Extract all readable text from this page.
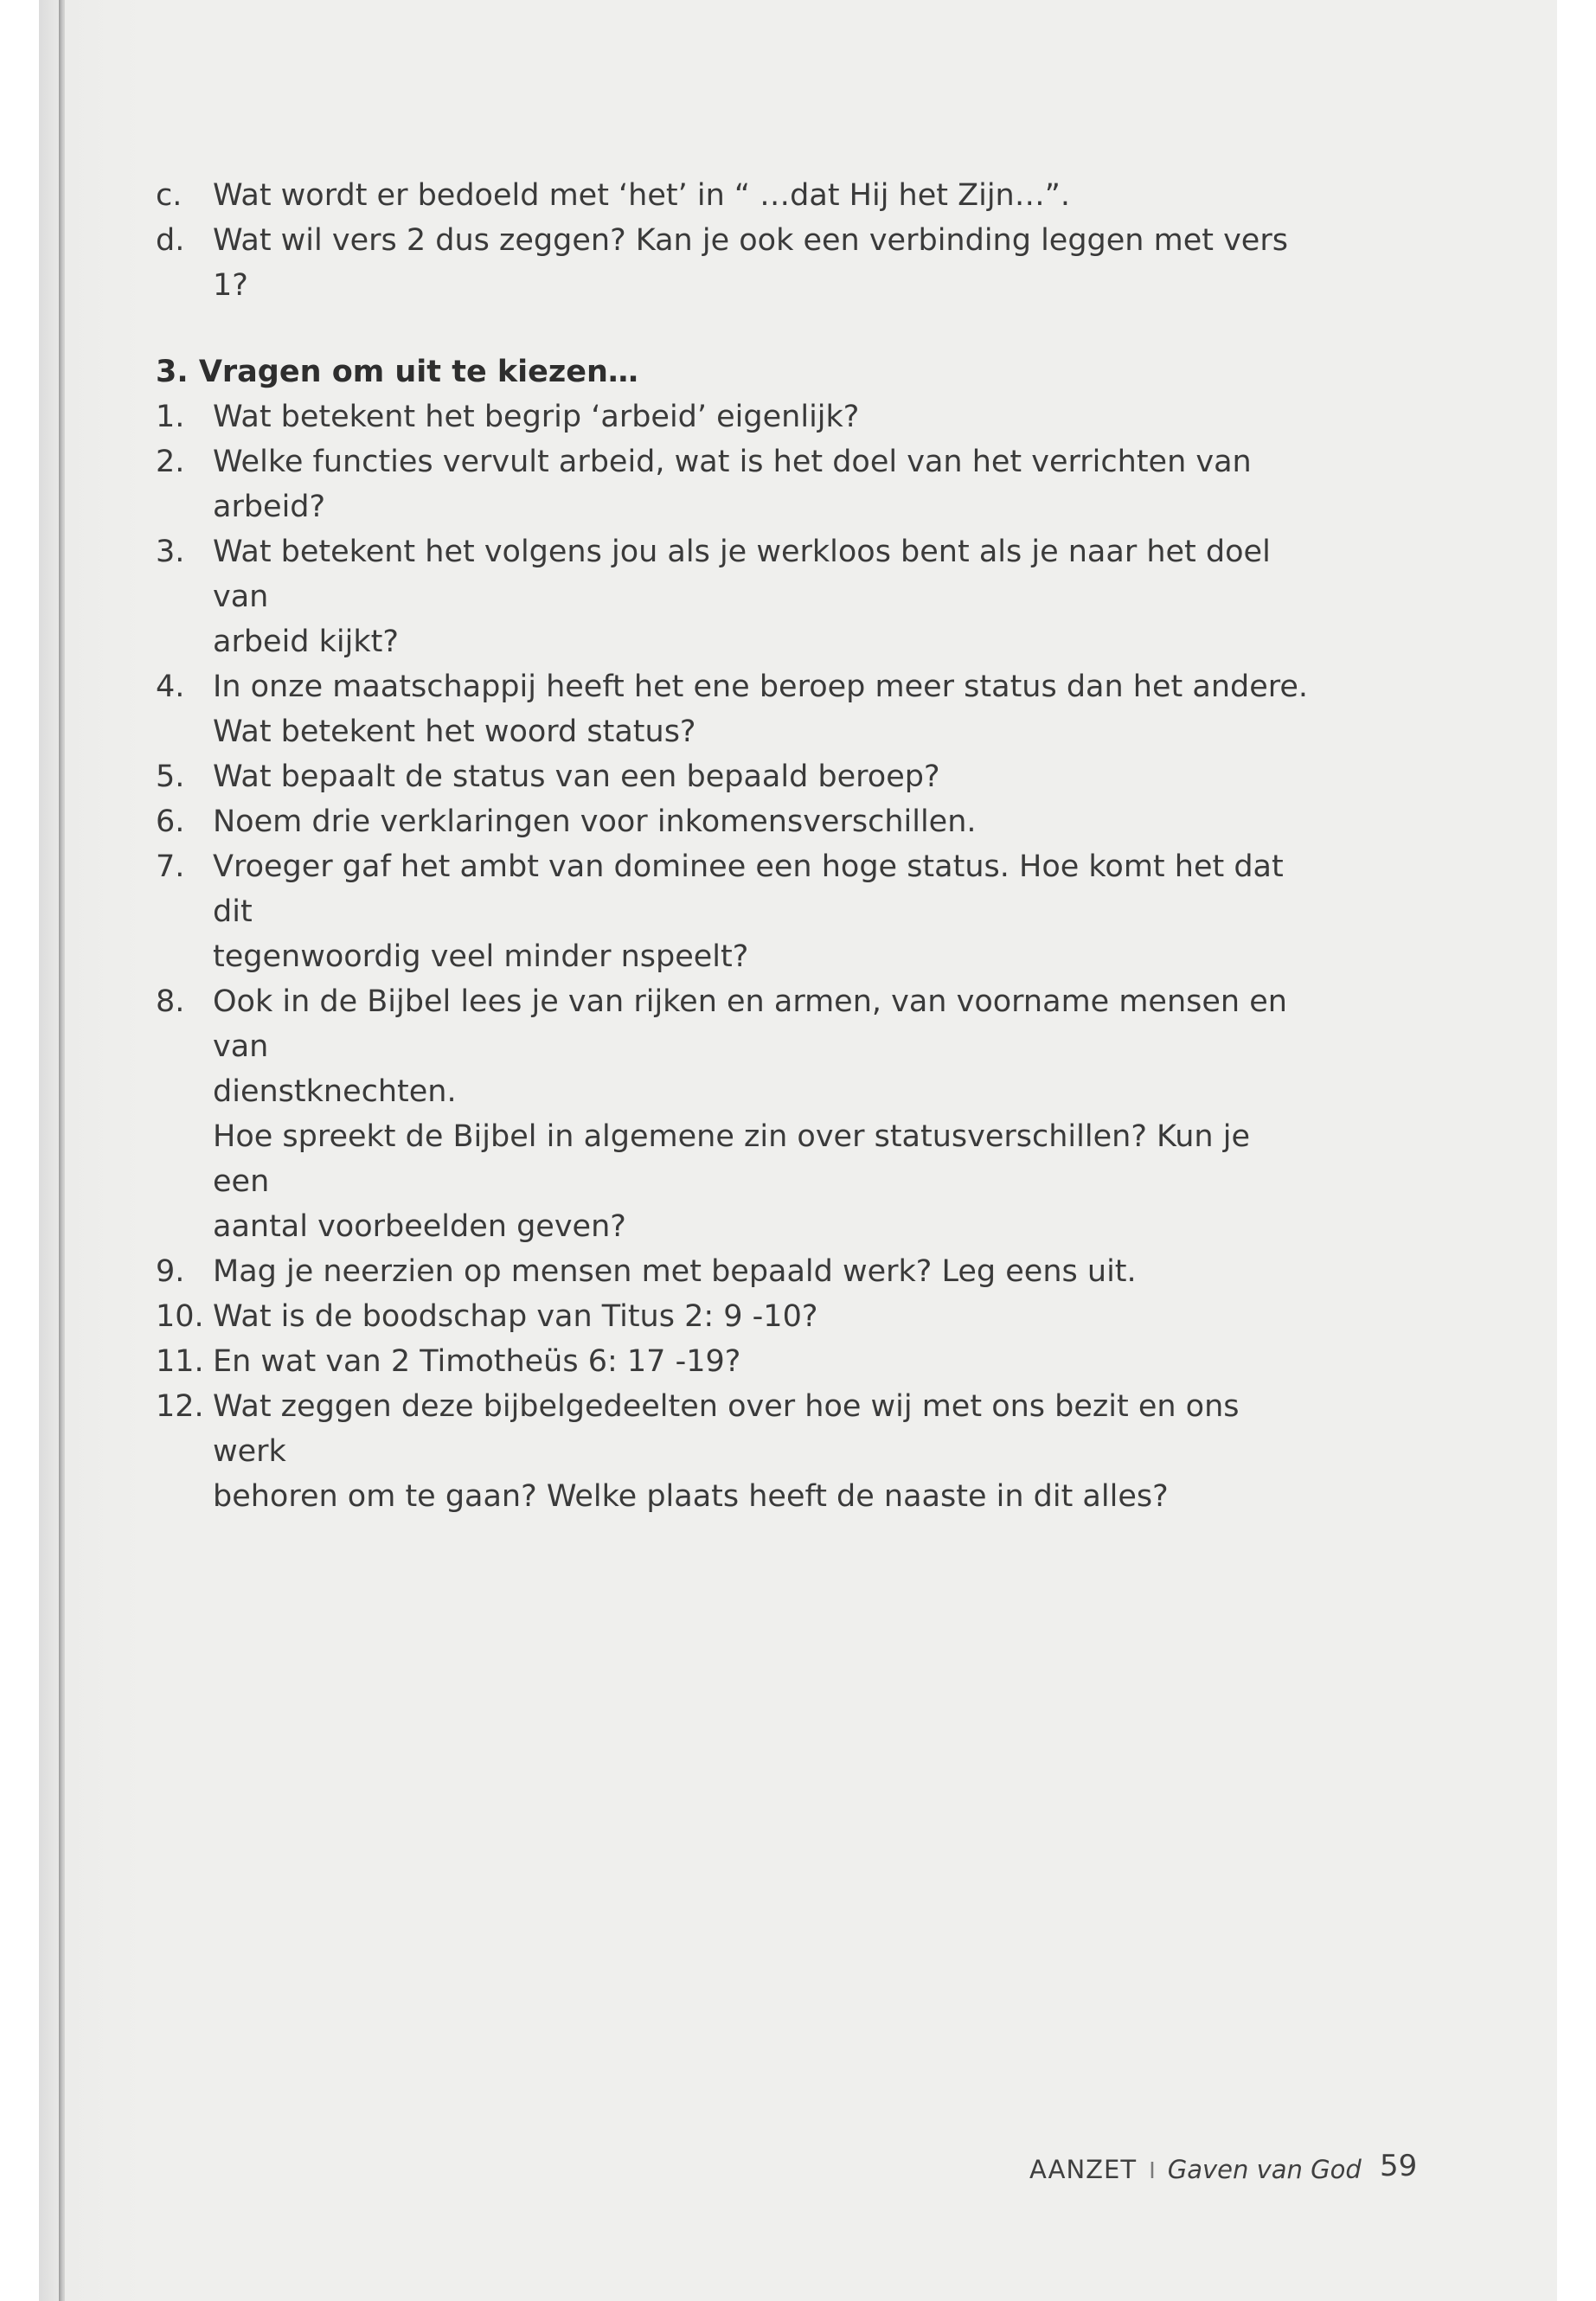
c.	Wat wordt er bedoeld met ‘het’ in “ …dat Hij het Zijn…”.
d. Wat wil vers 2 dus zeggen? Kan je ook een verbinding leggen met vers 1?
3. Vragen om uit te kiezen…
1. Wat betekent het begrip ‘arbeid’ eigenlijk?
2. Welke functies vervult arbeid, wat is het doel van het verrichten van arbeid?
3. Wat betekent het volgens jou als je werkloos bent als je naar het doel van
arbeid kijkt?
4. In onze maatschappij heeft het ene beroep meer status dan het andere.
Wat betekent het woord status?
5. Wat bepaalt de status van een bepaald beroep?
6. Noem drie verklaringen voor inkomensverschillen.
7. Vroeger gaf het ambt van dominee een hoge status. Hoe komt het dat dit
tegenwoordig veel minder nspeelt?
8. Ook in de Bijbel lees je van rijken en armen, van voorname mensen en van
dienstknechten.
Hoe spreekt de Bijbel in algemene zin over statusverschillen? Kun je een
aantal voorbeelden geven?
9. Mag je neerzien op mensen met bepaald werk? Leg eens uit.
10. Wat is de boodschap van Titus 2: 9 -10?
11. En wat van 2 Timotheüs 6: 17 -19?
12. Wat zeggen deze bijbelgedeelten over hoe wij met ons bezit en ons werk
behoren om te gaan? Welke plaats heeft de naaste in dit alles?
AANZET I Gaven van God 59
